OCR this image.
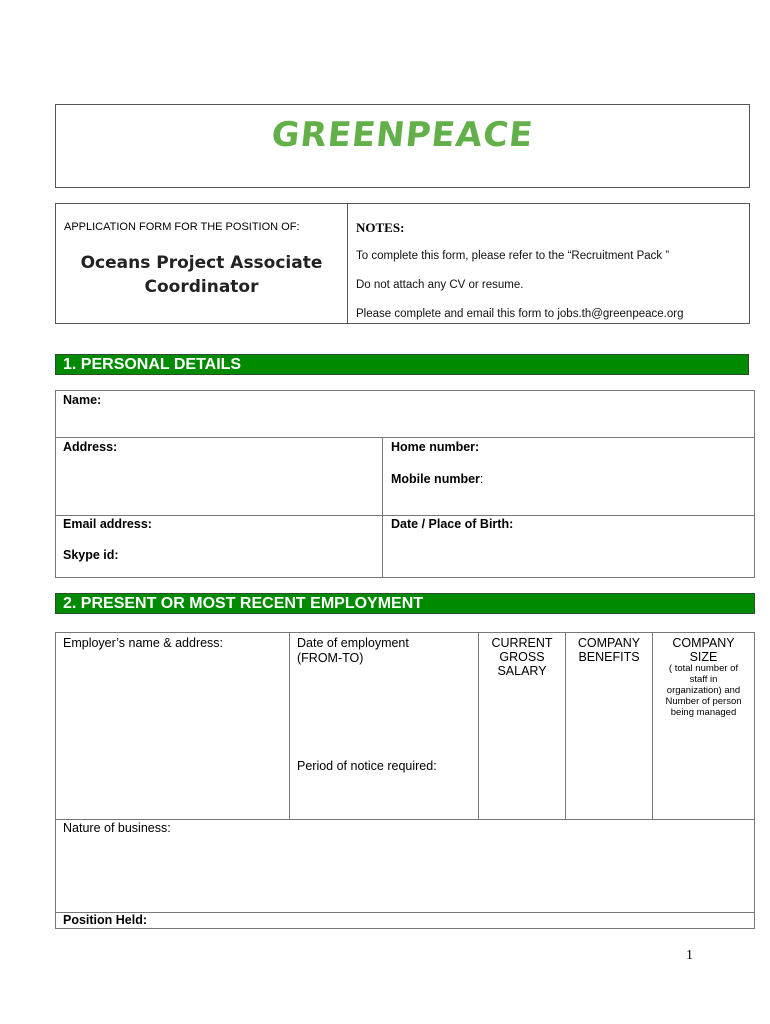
GREENPEACE
APPLICATION FORM FOR THE POSITION OF:
Oceans Project Associate
Coordinator
NOTES:
To complete this form, please refer to the “Recruitment Pack ”
Do not attach any CV or resume.
Please complete and email this form to jobs.th@greenpeace.org
1. PERSONAL DETAILS
Name:
Address:	Home number:
Mobile number:
Email address:
Skype id:
Date / Place of Birth:
2. PRESENT OR MOST RECENT EMPLOYMENT
Employer’s name & address:	Date of employment
(FROM-TO)
Period of notice required:
CURRENT
GROSS
SALARY
COMPANY
BENEFITS
COMPANY
SIZE
( total number of
staff in
organization) and
Number of person
being managed
Nature of business:
Position Held:
1
